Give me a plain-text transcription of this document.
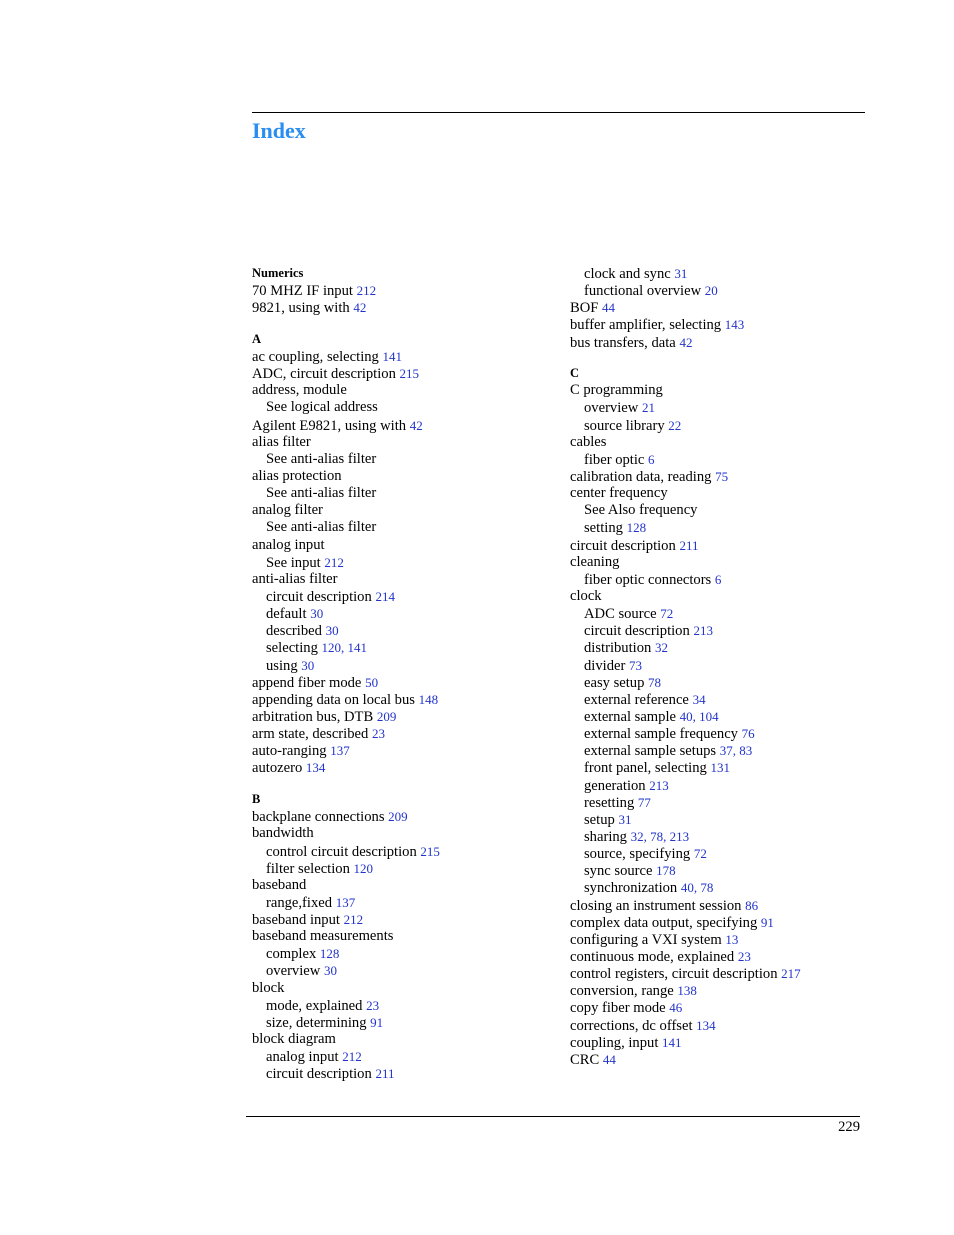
Index
Numerics
70 MHZ IF input 212
9821, using with 42
A
ac coupling, selecting 141
ADC, circuit description 215
address, module
See logical address
Agilent E9821, using with 42
alias filter
See anti-alias filter
alias protection
See anti-alias filter
analog filter
See anti-alias filter
analog input
See input 212
anti-alias filter
circuit description 214
default 30
described 30
selecting 120, 141
using 30
append fiber mode 50
appending data on local bus 148
arbitration bus, DTB 209
arm state, described 23
auto-ranging 137
autozero 134
B
backplane connections 209
bandwidth
control circuit description 215
filter selection 120
baseband
range,fixed 137
baseband input 212
baseband measurements
complex 128
overview 30
block
mode, explained 23
size, determining 91
block diagram
analog input 212
circuit description 211
clock and sync 31
functional overview 20
BOF 44
buffer amplifier, selecting 143
bus transfers, data 42
C
C programming
overview 21
source library 22
cables
fiber optic 6
calibration data, reading 75
center frequency
See Also frequency
setting 128
circuit description 211
cleaning
fiber optic connectors 6
clock
ADC source 72
circuit description 213
distribution 32
divider 73
easy setup 78
external reference 34
external sample 40, 104
external sample frequency 76
external sample setups 37, 83
front panel, selecting 131
generation 213
resetting 77
setup 31
sharing 32, 78, 213
source, specifying 72
sync source 178
synchronization 40, 78
closing an instrument session 86
complex data output, specifying 91
configuring a VXI system 13
continuous mode, explained 23
control registers, circuit description 217
conversion, range 138
copy fiber mode 46
corrections, dc offset 134
coupling, input 141
CRC 44
229
